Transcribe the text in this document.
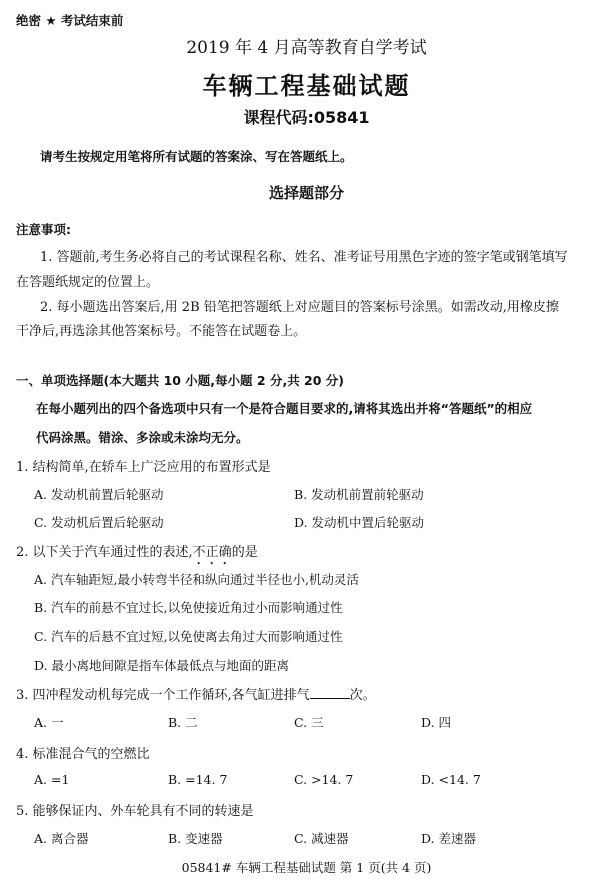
绝密 ★ 考试结束前
2019 年 4 月高等教育自学考试
车辆工程基础试题
课程代码:05841
请考生按规定用笔将所有试题的答案涂、写在答题纸上。
选择题部分
注意事项:
1. 答题前,考生务必将自己的考试课程名称、姓名、准考证号用黑色字迹的签字笔或钢笔填写
在答题纸规定的位置上。
2. 每小题选出答案后,用 2B 铅笔把答题纸上对应题目的答案标号涂黑。如需改动,用橡皮擦
干净后,再选涂其他答案标号。不能答在试题卷上。
一、单项选择题(本大题共 10 小题,每小题 2 分,共 20 分)
在每小题列出的四个备选项中只有一个是符合题目要求的,请将其选出并将“答题纸”的相应
代码涂黑。错涂、多涂或未涂均无分。
1. 结构简单,在轿车上广泛应用的布置形式是
A. 发动机前置后轮驱动	B. 发动机前置前轮驱动
C. 发动机后置后轮驱动	D. 发动机中置后轮驱动
2. 以下关于汽车通过性的表述,不正确的是
A. 汽车轴距短,最小转弯半径和纵向通过半径也小,机动灵活
B. 汽车的前悬不宜过长,以免使接近角过小而影响通过性
C. 汽车的后悬不宜过短,以免使离去角过大而影响通过性
D. 最小离地间隙是指车体最低点与地面的距离
3. 四冲程发动机每完成一个工作循环,各气缸进排气	次。
A. 一	B. 二	C. 三	D. 四
4. 标准混合气的空燃比
A. =1	B. =14. 7	C. >14. 7	D. <14. 7
5. 能够保证内、外车轮具有不同的转速是
A. 离合器	B. 变速器	C. 减速器	D. 差速器
05841# 车辆工程基础试题 第 1 页(共 4 页)
